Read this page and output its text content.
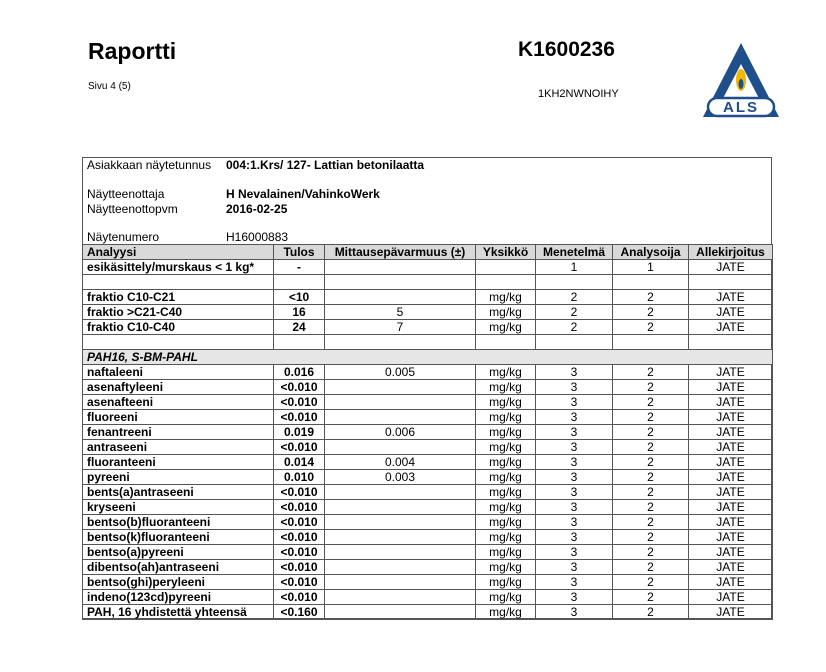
Raportti
Sivu 4 (5)
K1600236
1KH2NWNOIHY
ALS
Asiakkaan näytetunnus 004:1.Krs/ 127- Lattian betonilaatta
Näytteenottaja	H Nevalainen/VahinkoWerk
Näytteenottopvm	2016-02-25
Näytenumero	H16000883
Analyysi	Tulos	Mittausepävarmuus (±)	Yksikkö	Menetelmä	Analysoija	Allekirjoitus
esikäsittely/murskaus < 1 kg*	-			1	1	JATE

fraktio C10-C21	<10		mg/kg	2	2	JATE
fraktio >C21-C40	16	5	mg/kg	2	2	JATE
fraktio C10-C40	24	7	mg/kg	2	2	JATE

PAH16, S-BM-PAHL						
naftaleeni	0.016	0.005	mg/kg	3	2	JATE
asenaftyleeni	<0.010		mg/kg	3	2	JATE
asenafteeni	<0.010		mg/kg	3	2	JATE
fluoreeni	<0.010		mg/kg	3	2	JATE
fenantreeni	0.019	0.006	mg/kg	3	2	JATE
antraseeni	<0.010		mg/kg	3	2	JATE
fluoranteeni	0.014	0.004	mg/kg	3	2	JATE
pyreeni	0.010	0.003	mg/kg	3	2	JATE
bents(a)antraseeni	<0.010		mg/kg	3	2	JATE
kryseeni	<0.010		mg/kg	3	2	JATE
bentso(b)fluoranteeni	<0.010		mg/kg	3	2	JATE
bentso(k)fluoranteeni	<0.010		mg/kg	3	2	JATE
bentso(a)pyreeni	<0.010		mg/kg	3	2	JATE
dibentso(ah)antraseeni	<0.010		mg/kg	3	2	JATE
bentso(ghi)peryleeni	<0.010		mg/kg	3	2	JATE
indeno(123cd)pyreeni	<0.010		mg/kg	3	2	JATE
PAH, 16 yhdistettä yhteensä	<0.160		mg/kg	3	2	JATE
